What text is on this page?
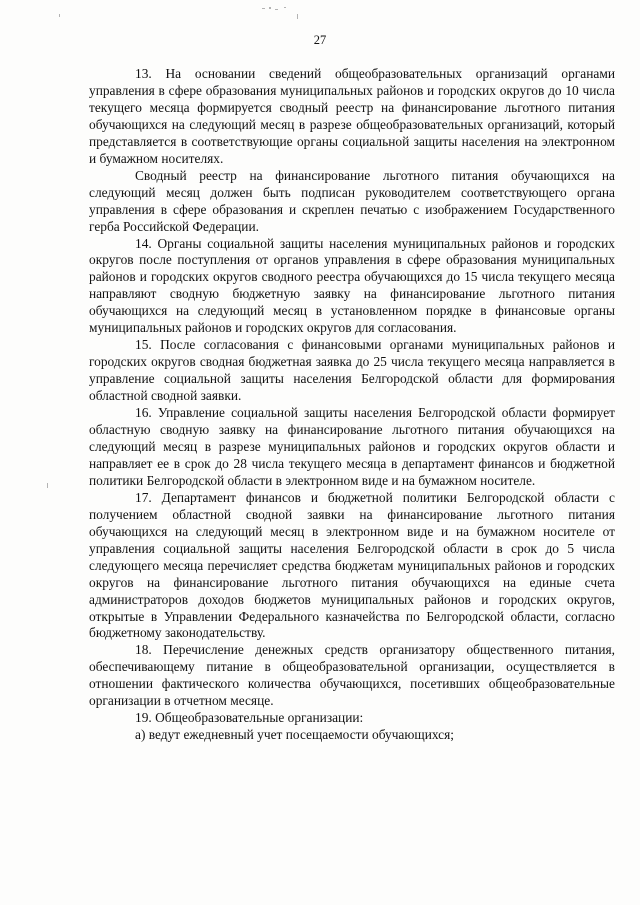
27

13. На основании сведений общеобразовательных организаций органами управления в сфере образования муниципальных районов и городских округов до 10 числа текущего месяца формируется сводный реестр на финансирование льготного питания обучающихся на следующий месяц в разрезе общеобразовательных организаций, который представляется в соответствующие органы социальной защиты населения на электронном и бумажном носителях.

Сводный реестр на финансирование льготного питания обучающихся на следующий месяц должен быть подписан руководителем соответствующего органа управления в сфере образования и скреплен печатью с изображением Государственного герба Российской Федерации.

14. Органы социальной защиты населения муниципальных районов и городских округов после поступления от органов управления в сфере образования муниципальных районов и городских округов сводного реестра обучающихся до 15 числа текущего месяца направляют сводную бюджетную заявку на финансирование льготного питания обучающихся на следующий месяц в установленном порядке в финансовые органы муниципальных районов и городских округов для согласования.

15. После согласования с финансовыми органами муниципальных районов и городских округов сводная бюджетная заявка до 25 числа текущего месяца направляется в управление социальной защиты населения Белгородской области для формирования областной сводной заявки.

16. Управление социальной защиты населения Белгородской области формирует областную сводную заявку на финансирование льготного питания обучающихся на следующий месяц в разрезе муниципальных районов и городских округов области и направляет ее в срок до 28 числа текущего месяца в департамент финансов и бюджетной политики Белгородской области в электронном виде и на бумажном носителе.

17. Департамент финансов и бюджетной политики Белгородской области с получением областной сводной заявки на финансирование льготного питания обучающихся на следующий месяц в электронном виде и на бумажном носителе от управления социальной защиты населения Белгородской области в срок до 5 числа следующего месяца перечисляет средства бюджетам муниципальных районов и городских округов на финансирование льготного питания обучающихся на единые счета администраторов доходов бюджетов муниципальных районов и городских округов, открытые в Управлении Федерального казначейства по Белгородской области, согласно бюджетному законодательству.

18. Перечисление денежных средств организатору общественного питания, обеспечивающему питание в общеобразовательной организации, осуществляется в отношении фактического количества обучающихся, посетивших общеобразовательные организации в отчетном месяце.

19. Общеобразовательные организации:

а) ведут ежедневный учет посещаемости обучающихся;
